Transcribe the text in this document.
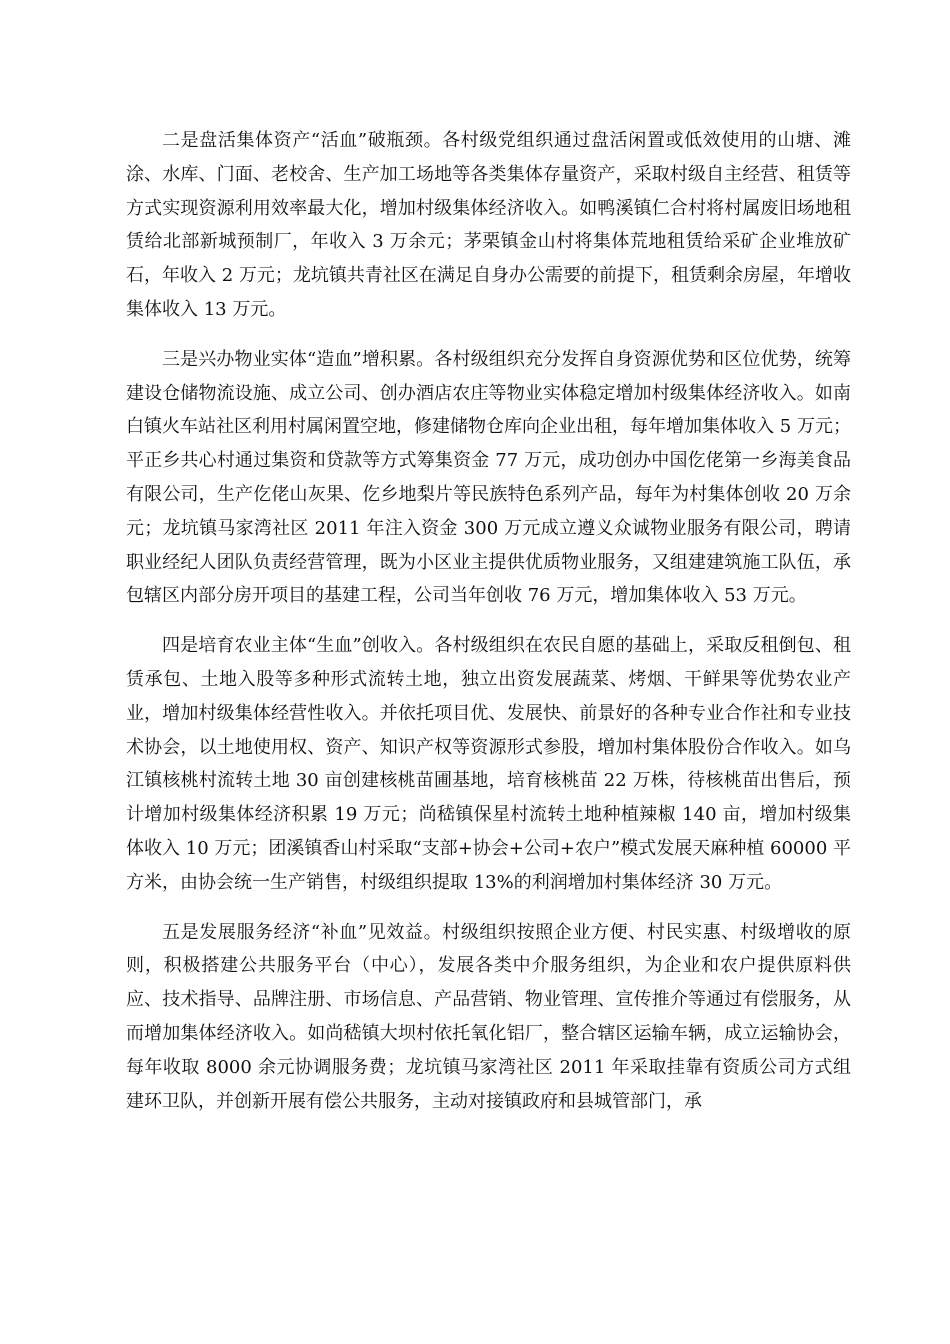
二是盘活集体资产“活血”破瓶颈。各村级党组织通过盘活闲置或低效使用的山塘、滩涂、水库、门面、老校舍、生产加工场地等各类集体存量资产，采取村级自主经营、租赁等方式实现资源利用效率最大化，增加村级集体经济收入。如鸭溪镇仁合村将村属废旧场地租赁给北部新城预制厂，年收入 3 万余元；茅栗镇金山村将集体荒地租赁给采矿企业堆放矿石，年收入 2 万元；龙坑镇共青社区在满足自身办公需要的前提下，租赁剩余房屋，年增收集体收入 13 万元。

三是兴办物业实体“造血”增积累。各村级组织充分发挥自身资源优势和区位优势，统筹建设仓储物流设施、成立公司、创办酒店农庄等物业实体稳定增加村级集体经济收入。如南白镇火车站社区利用村属闲置空地，修建储物仓库向企业出租，每年增加集体收入 5 万元；平正乡共心村通过集资和贷款等方式筹集资金 77 万元，成功创办中国仡佬第一乡海美食品有限公司，生产仡佬山灰果、仡乡地梨片等民族特色系列产品，每年为村集体创收 20 万余元；龙坑镇马家湾社区 2011 年注入资金 300 万元成立遵义众诚物业服务有限公司，聘请职业经纪人团队负责经营管理，既为小区业主提供优质物业服务，又组建建筑施工队伍，承包辖区内部分房开项目的基建工程，公司当年创收 76 万元，增加集体收入 53 万元。

四是培育农业主体“生血”创收入。各村级组织在农民自愿的基础上，采取反租倒包、租赁承包、土地入股等多种形式流转土地，独立出资发展蔬菜、烤烟、干鲜果等优势农业产业，增加村级集体经营性收入。并依托项目优、发展快、前景好的各种专业合作社和专业技术协会，以土地使用权、资产、知识产权等资源形式参股，增加村集体股份合作收入。如乌江镇核桃村流转土地 30 亩创建核桃苗圃基地，培育核桃苗 22 万株，待核桃苗出售后，预计增加村级集体经济积累 19 万元；尚嵇镇保星村流转土地种植辣椒 140 亩，增加村级集体收入 10 万元；团溪镇香山村采取“支部+协会+公司+农户”模式发展天麻种植 60000 平方米，由协会统一生产销售，村级组织提取 13%的利润增加村集体经济 30 万元。

五是发展服务经济“补血”见效益。村级组织按照企业方便、村民实惠、村级增收的原则，积极搭建公共服务平台（中心），发展各类中介服务组织，为企业和农户提供原料供应、技术指导、品牌注册、市场信息、产品营销、物业管理、宣传推介等通过有偿服务，从而增加集体经济收入。如尚嵇镇大坝村依托氧化铝厂，整合辖区运输车辆，成立运输协会，每年收取 8000 余元协调服务费；龙坑镇马家湾社区 2011 年采取挂靠有资质公司方式组建环卫队，并创新开展有偿公共服务，主动对接镇政府和县城管部门，承
